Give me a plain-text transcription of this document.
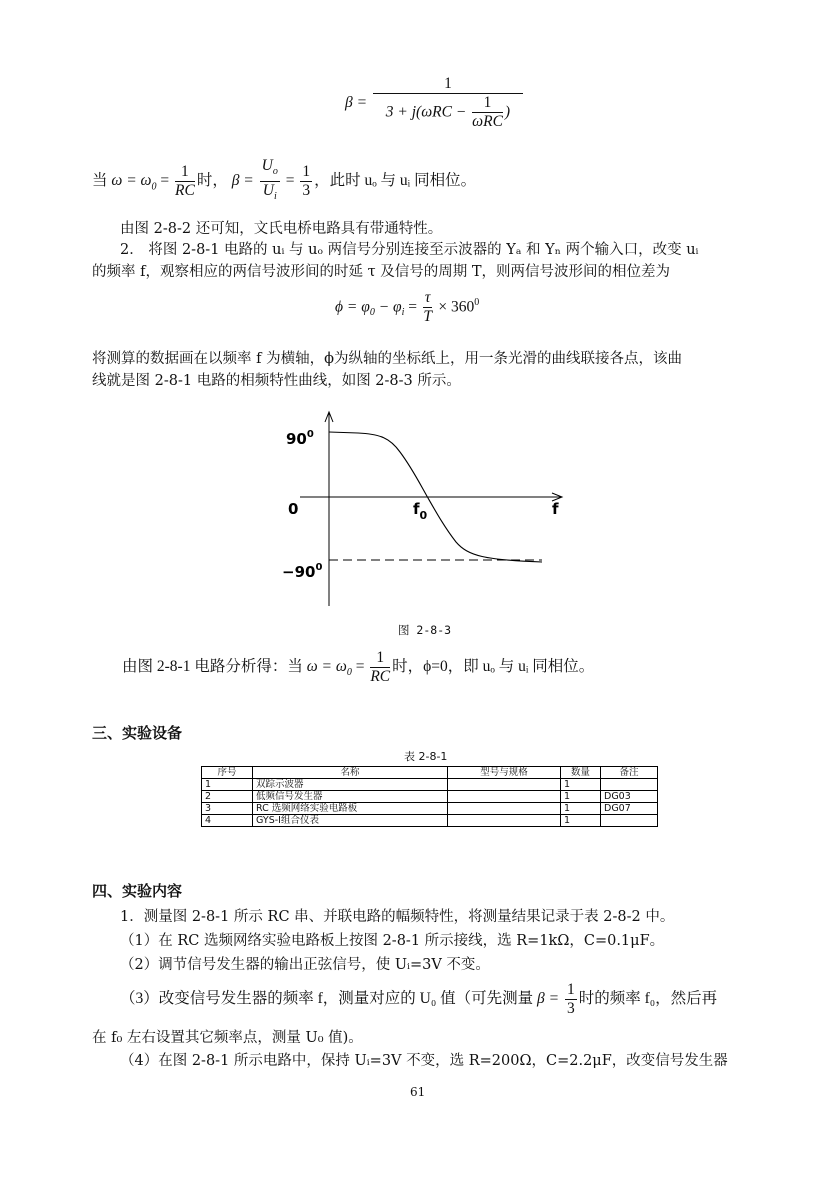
$\beta = \frac{1}{3 + j(\omega RC - \frac{1}{\text{ωRC}} )}$
当 $\omega = \omega_0 = \frac{1}{RC}$ 时， $\beta = \frac{U_o}{U_i} = \frac{1}{3}$ ，此时 uₒ 与 uᵢ 同相位。
由图 2-8-2 还可知，文氏电桥电路具有带通特性。
2． 将图 2-8-1 电路的 uᵢ 与 uₒ 两信号分别连接至示波器的 Yₐ 和 Yₙ 两个输入口，改变 uᵢ
的频率 f，观察相应的两信号波形间的时延 τ 及信号的周期 T，则两信号波形间的相位差为
$\phi = \varphi_0 - \varphi_i = \frac{\tau}{T} \times 360^0$
将测算的数据画在以频率 f 为横轴，ϕ为纵轴的坐标纸上，用一条光滑的曲线联接各点，该曲
线就是图 2-8-1 电路的相频特性曲线，如图 2-8-3 所示。
$90^0$
0	$f_0$	f
$-90^0$
图 2-8-3
由图 2-8-1 电路分析得：当 $\omega = \omega_0 = \frac{1}{RC}$ 时，ϕ=0，即 uₒ 与 uᵢ 同相位。
三、实验设备
表 2-8-1
序号	名称	型号与规格	数量	备注
1	双踪示波器		1	
2	低频信号发生器		1	DG03
3	RC 选频网络实验电路板		1	DG07
4	GYS-Ⅰ组合仪表		1	
四、实验内容
1．测量图 2-8-1 所示 RC 串、并联电路的幅频特性，将测量结果记录于表 2-8-2 中。
（1）在 RC 选频网络实验电路板上按图 2-8-1 所示接线，选 R=1kΩ，C=0.1μF。
（2）调节信号发生器的输出正弦信号，使 Uᵢ=3V 不变。
（3）改变信号发生器的频率 f，测量对应的 U₀ 值（可先测量 $\beta = \frac{1}{3}$ 时的频率 f₀，然后再
在 f₀ 左右设置其它频率点，测量 U₀ 值)。
（4）在图 2-8-1 所示电路中，保持 Uᵢ=3V 不变，选 R=200Ω，C=2.2μF，改变信号发生器
61
